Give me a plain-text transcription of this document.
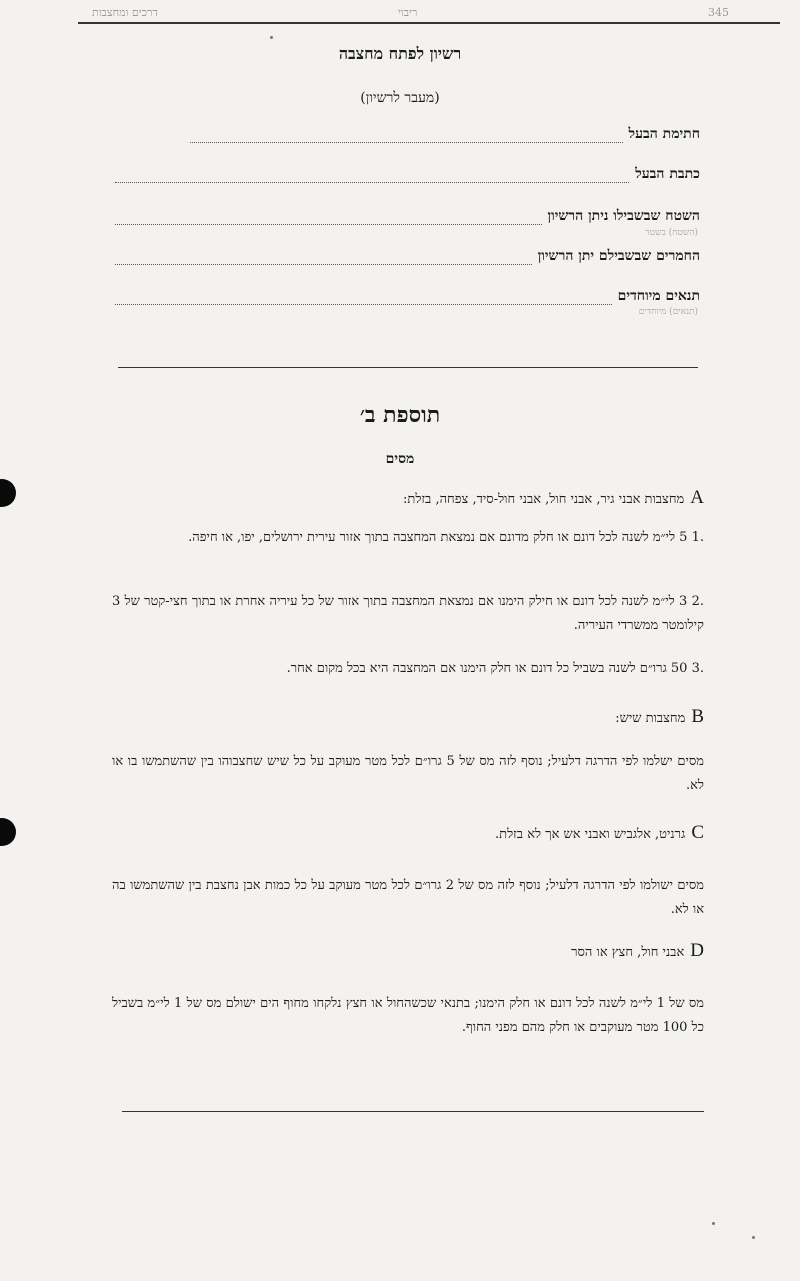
דרכים ומחצבות	ריבוי	345
רשיון לפתח מחצבה
(מעבר לרשיון)
חתימת הבעל
כתבת הבעל
השטח שבשבילו ניתן הרשיון
(השטח) בשטר
החמרים שבשבילם יתן הרשיון
תנאים מיוחדים
(תנאים) מיוחדים
תוספת ב׳
מסים
A
מחצבות אבני גיר, אבני חול, אבני חול-סיד, צפחה, בזלת:
.1 5 לי״מ לשנה לכל דונם או חלק מדונם אם נמצאת המחצבה בתוך אזור עירית ירושלים, יפו, או חיפה.
.2 3 לי״מ לשנה לכל דונם או חילק הימנו אם נמצאת המחצבה בתוך אזור של כל עיריה אחרת או בתוך חצי-קטר של 3 קילומטר ממשרדי העיריה.
.3 50 גרו״ם לשנה בשביל כל דונם או חלק הימנו אם המחצבה היא בכל מקום אחר.
B
מחצבות שיש:
מסים ישלמו לפי הדרגה דלעיל; נוסף לזה מס של 5 גרו״ם לכל מטר מעוקב על כל שיש שחצבוהו בין שהשתמשו בו או לא.
C
גרניט, אלגביש ואבני אש אך לא בזלת.
מסים ישולמו לפי הדרגה דלעיל; נוסף לזה מס של 2 גרו״ם לכל מטר מעוקב על כל כמות אבן נחצבת בין שהשתמשו בה או לא.
D
אבני חול, חצץ או הסר
מס של 1 לי״מ לשנה לכל דונם או חלק הימנו; בתנאי שכשהחול או חצץ נלקחו מחוף הים ישולם מס של 1 לי״מ בשביל כל 100 מטר מעוקבים או חלק מהם מפני החוף.
